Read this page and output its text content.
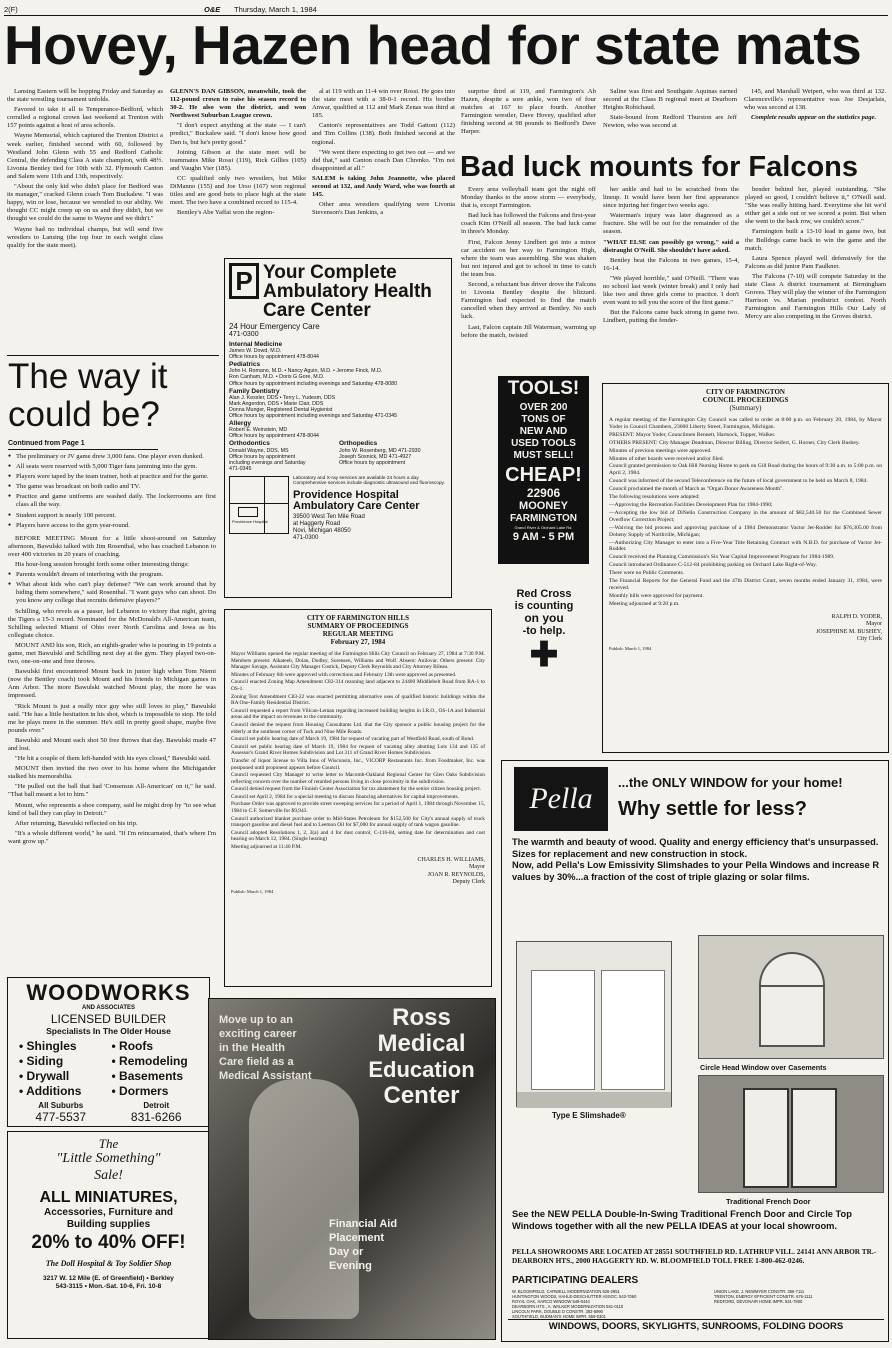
2(F)	O&E Thursday, March 1, 1984
Hovey, Hazen head for state mats

Lansing Eastern will be hopping Friday and Saturday as the state wrestling tournament unfolds.

Favored to take it all is Temperance-Bedford, which corralled a regional crown last weekend at Trenton with 157 points against a host of area schools.

Wayne Memorial, which captured the Trenton District a week earlier, finished second with 60, followed by Westland John Glenn with 55 and Redford Catholic Central, the defending Class A state champion, with 48½. Livonia Bentley tied for 10th with 32. Plymouth Canton and Salem were 11th and 13th, respectively.

"About the only kid who didn't place for Bedford was its manager," cracked Glenn coach Tom Buckalew. "I was happy, win or lose, because we wrestled to our ability. We thought CC might creep up on us and they didn't, but we thought we could do the same to Wayne and we didn't."

Wayne had no individual champs, but will send five wrestlers to Lansing (the top four in each weight class qualify for the state meet).

GLENN'S DAN GIBSON, meanwhile, took the 112-pound crown to raise his season record to 30-2. He also won the district, and won Northwest Suburban League crown.

"I don't expect anything at the state — I can't predict," Buckalew said. "I don't know how good Dan is, but he's pretty good."

Joining Gibson at the state meet will be teammates Mike Rossi (119), Rick Gillies (105) and Vaughn Vier (185).

CC qualified only two wrestlers, but Mike DiManno (155) and Joe Urso (167) won regional titles and are good bets to place high at the state meet. The two have a combined record to 115-4.

Bentley's Abe Yaffai won the region-

al at 119 with an 11-4 win over Rossi. He goes into the state meet with a 38-0-1 record. His brother Anwar, qualified at 112 and Mark Zenas was third at 185.

Canton's representatives are Todd Gattoni (112) and Tim Collins (138). Both finished second at the regional.

"We went there expecting to get two out — and we did that," said Canton coach Dan Chrenko. "I'm not disappointed at all."

SALEM is taking John Jeannotte, who placed second at 132, and Andy Ward, who was fourth at 145.

Other area wrestlers qualifying were Livonia Stevenson's Dan Jenkins, a

surprise third at 119, and Farmington's Ab Hazen, despite a sore ankle, won two of four matches at 167 to place fourth. Another Farmington wrestler, Dave Hovey, qualified after finishing second at 98 pounds to Bedford's Dave Harper.

Saline was first and Southgate Aquinas earned second at the Class B regional meet at Dearborn Heights Robichaud.

State-bound from Redford Thurston are Jeff Newton, who was second at

145, and Marshall Weipert, who was third at 132. Clarenceville's representative was Joe Desjarlais, who was second at 138.

Complete results appear on the statistics page.

Bad luck mounts for Falcons

Every area volleyball team got the night off Monday thanks to the snow storm — everybody, that is, except Farmington.

Bad luck has followed the Falcons and first-year coach Kim O'Neill all season. The bad luck came in three's Monday.

First, Falcon Jenny Lindbert got into a minor car accident on her way to Farmington High, where the team was assembling. She was shaken but not injured and got to school in time to catch the team bus.

Second, a reluctant bus driver drove the Falcons to Livonia Bentley despite the blizzard. Farmington had expected to find the match cancelled when they arrived at Bentley. No such luck.

Last, Falcon captain Jill Waterman, warming up before the match, twisted

her ankle and had to be scratched from the lineup. It would have been her first appearance since injuring her finger two weeks ago.

Waterman's injury was later diagnosed as a fracture. She will be out for the remainder of the season.

"WHAT ELSE can possibly go wrong," said a distraught O'Neill. She shouldn't have asked.

Bentley beat the Falcons in two games, 15-4, 16-14.

"We played horrible," said O'Neill. "There was no school last week (winter break) and I only had like two and three girls come to practice. I don't even want to tell you the score of the first game."

But the Falcons came back strong in game two. Lindbert, putting the fender-

bender behind her, played outstanding. "She played so good, I couldn't believe it," O'Neill said. "She was really hitting hard. Everytime she hit we'd either get a side out or we scored a point. But when she went to the back row, we couldn't score."

Farmington built a 13-10 lead in game two, but the Bulldogs came back to win the game and the match.

Laura Spence played well defensively for the Falcons as did junior Pam Faulkner.

The Falcons (7-10) will compete Saturday in the state Class A district tournament at Birmingham Groves. They will play the winner of the Farmington Harrison vs. Marian predistrict contest. North Farmington and Farmington Hills Our Lady of Mercy are also competing in the Groves district.

The way it could be?
Continued from Page 1

● The preliminary or JV game drew 3,000 fans. One player even dunked.

● All seats were reserved with 5,000 Tiger fans jamming into the gym.

● Players were taped by the team trainer, both at practice and for the game.

● The game was broadcast on both radio and TV.

● Practice and game uniforms are washed daily. The lockerrooms are first class all the way.

● Student support is nearly 100 percent.

● Players have access to the gym year-round.

BEFORE MEETING Mount for a little shoot-around on Saturday afternoon, Bawulski talked with Jim Rosenthal, who has coached Lebanon to over 400 victories in 20 years of coaching.

His hour-long session brought forth some other interesting things:

● Parents wouldn't dream of interfering with the program.

● What about kids who can't play defense? "We can work around that by hiding them somewhere," said Rosenthal. "I want guys who can shoot. Do you know any college that recruits defensive players?"

Schilling, who revels as a passer, led Lebanon to victory that night, giving the Tigers a 15-3 record. Nominated for the McDonald's All-American team, Schilling selected Miami of Ohio over North Carolina and Iowa as his collegiate choice.

MOUNT AND his son, Rich, an eighth-grader who is pouring in 19 points a game, met Bawulski and Schilling next day at the gym. They played two-on-two, one-on-one and free throws.

Bawulski first encountered Mount back in junior high when Tom Niemi (now the Bentley coach) took Mount and his friends to Michigan games in Ann Arbor. The more Bawulski watched Mount play, the more he was impressed.

"Rick Mount is just a really nice guy who still loves to play," Bawulski said. "He has a little hesitation in his shot, which is impossible to stop. He told me he plays more in the summer. He's still in pretty good shape, maybe five pounds over."

Bawulski and Mount each shot 50 free throws that day. Bawulski made 47 and lost.

"He hit a couple of them left-handed with his eyes closed," Bawulski said.

MOUNT then invited the two over to his home where the Michigander stalked his memorabilia.

"He pulled out the ball that had 'Consensus All-American' on it," he said. "That ball meant a lot to him."

Mount, who represents a shoe company, said he might drop by "to see what kind of ball they can play in Detroit."

After returning, Bawulski reflected on his trip.

"It's a whole different world," he said. "If I'm reincarnated, that's where I'm want grow up."

P Your Complete Ambulatory Health Care Center
24 Hour Emergency Care
471-0300
Internal Medicine
James W. Dowd, M.D.
Office hours by appointment 478-8044
Pediatrics
John H. Romano, M.D. • Nancy Aguin, M.D. • Jerome Finck, M.D.
Ron Canham, M.D. • Doris G Gore, M.D.
Office hours by appointment including evenings and Saturday 478-8080
Family Dentistry
Alan J. Kessler, DDS • Terry L. Yudesm, DDS
Mark Angerdon, DDS • Marie Clair, DDS
Donna Munger, Registered Dental Hygienist
Office hours by appointment including evenings and Saturday 471-0345
Allergy
Robert E. Weinstein, MD
Office hours by appointment 478-8044
Orthodontics
Donald Wayne, DDS, MS
Office hours by appointment
including evenings and Saturday
471-0345
Orthopedics
John W. Rosenberg, MD 471-2930
Joseph Sosnick, MD 471-4927
Office hours by appointment
Providence Hospital
Laboratory and X-ray services are available 24 hours a day. Comprehensive services include diagnostic ultrasound and fluoroscopy.
Providence Hospital Ambulatory Care Center
39500 West Ten Mile Road
at Haggerty Road
Novi, Michigan 48050
471-0300
TOOLS!
OVER 200
TONS OF
NEW AND
USED TOOLS
MUST SELL!
CHEAP!
22906
MOONEY
FARMINGTON
Grand River & Orchard Lake Rd.
9 AM - 5 PM
Red Cross
is counting
on you
-to help.
✚
CITY OF FARMINGTON
COUNCIL PROCEEDINGS
(Summary)

A regular meeting of the Farmington City Council was called to order at 8:00 p.m. on February 20, 1984, by Mayor Yoder in Council Chambers, 23600 Liberty Street, Farmington, Michigan.

PRESENT: Mayor Yoder, Councilmen Bennett, Hartsock, Tupper, Walker.

OTHERS PRESENT: City Manager Deadman, Director Billing, Director Seifert, G. Horner, City Clerk Busbey.

Minutes of previous meetings were approved.

Minutes of other boards were received and/or filed.

Council granted permission to Oak Hill Nursing Home to park on Gill Road during the hours of 9:30 a.m. to 5:00 p.m. on April 2, 1984.

Council was informed of the second Teleconference on the future of local government to be held on March 8, 1984.

Council proclaimed the month of March as "Organ Donor Awareness Month".

The following resolutions were adopted:

—Approving the Recreation Facilities Development Plan for 1984-1990;

—Accepting the low bid of DiNello Construction Company in the amount of $82,540.50 for the Combined Sewer Overflow Correction Project;

—Waiving the bid process and approving purchase of a 1984 Demonstrator Vactor Jet-Rodder for $76,305.00 from Doheny Supply of Northville, Michigan;

—Authorizing City Manager to enter into a Five-Year Title Retaining Contract with N.B.D. for purchase of Vactor Jet-Rodder.

Council received the Planning Commission's Six Year Capital Improvement Program for 1984-1989.

Council introduced Ordinance C-512-84 prohibiting parking on Orchard Lake Right-of-Way.

There were no Public Comments.

The Financial Reports for the General Fund and the 47th District Court, seven months ended January 31, 1984, were received.

Monthly bills were approved for payment.

Meeting adjourned at 9:20 p.m.

RALPH D. YODER,
Mayor
JOSEPHINE M. BUSHEY,
City Clerk
Publish: March 1, 1984
CITY OF FARMINGTON HILLS
SUMMARY OF PROCEEDINGS
REGULAR MEETING
February 27, 1984

Mayor Williams opened the regular meeting of the Farmington Hills City Council on February 27, 1984 at 7:30 P.M. Members present: Alkateeb, Dolan, Dodley, Sorensen, Williams and Wolf. Absent: Anilovar. Others present: City Manager Savage, Assistant City Manager Costick, Deputy Clerk Reynolds and City Attorney Bileau.

Minutes of February 6th were approved with corrections and February 13th were approved as presented.

Council enacted Zoning Map Amendment C82-314 rezoning land adjacent to 24400 Middlebelt Road from RA-1 to OS-1.

Zoning Text Amendment C83-22 was enacted permitting alternative uses of qualified historic buildings within the RA One-Family Residential District.

Council requested a report from Vilican-Leman regarding increased building heights in I.R.O., OS-1A and Industrial areas and the impact on revenues to the community.

Council denied the request from Housing Consultants Ltd. that the City sponsor a public housing project for the elderly at the southeast corner of Tuck and Nine Mile Roads.

Council set public hearing date of March 19, 1984 for request of vacating part of Westfield Road, south of Bond.

Council set public hearing date of March 19, 1984 for request of vacating alley abutting Lots 134 and 135 of Assessor's Grand River Homes Subdivision and Lot 311 of Grand River Homes Subdivision.

Transfer of liquor license to Villa Inns of Wisconsin, Inc., VICORP Restaurants Inc. from Foodmaker, Inc. was postponed until proponent appears before Council.

Council requested City Manager to write letter to Macomb-Oakland Regional Center for Glen Oaks Subdivision reflecting concern over the number of retarded persons living in close proximity in the subdivision.

Council denied request from the Finnish Center Association for tax abatement for the senior citizen housing project.

Council set April 2, 1984 for a special meeting to discuss financing alternatives for capital improvements.

Purchase Order was approved to provide street sweeping services for a period of April 1, 1984 through November 15, 1984 to C.F. Somerville for $9,943.

Council authorized blanket purchase order to Mid-States Petroleum for $152,500 for City's annual supply of truck transport gasoline and diesel fuel and to Leemon Oil for $7,000 for annual supply of tank wagon gasoline.

Council adopted Resolutions 1, 2, 3(a) and 4 for dust control, C-116-84, setting date for determination and cost hearing on March 12, 1984. (Single hearing)

Meeting adjourned at 11:40 P.M.

CHARLES H. WILLIAMS,
Mayor
JOAN R. REYNOLDS,
Deputy Clerk
Publish: March 1, 1984
WOODWORKS
AND ASSOCIATES
LICENSED BUILDER
Specialists In The Older House
• Shingles	• Roofs
• Siding	• Remodeling
• Drywall	• Basements
• Additions	• Dormers
All Suburbs
477-5537
Detroit
831-6266
The
"Little Something"
Sale!
ALL MINIATURES,
Accessories, Furniture and
Building supplies
20% to 40% OFF!
The Doll Hospital & Toy Soldier Shop
3217 W. 12 Mile (E. of Greenfield) • Berkley
543-3115 • Mon.-Sat. 10-6, Fri. 10-8
Ross
Medical
Education
Center
Move up to an
exciting career
in the Health
Care field as a
Medical Assistant
Financial Aid
Placement
Day or Evening
Pella ...the ONLY WINDOW for your home!
Why settle for less?
The warmth and beauty of wood. Quality and energy efficiency that's unsurpassed. Sizes for replacement and new construction in stock.
Now, add Pella's Low Emissivity Slimshades to your Pella Windows and increase R values by 30%...a fraction of the cost of triple glazing or solar films.
Type E Slimshade®
Circle Head Window over Casements
Traditional French Door
See the NEW PELLA Double-In-Swing Traditional French Door and Circle Top Windows together with all the new PELLA IDEAS at your local showroom.
PELLA SHOWROOMS ARE LOCATED AT 28551 SOUTHFIELD RD. LATHRUP VILL. 24141 ANN ARBOR TR.-DEARBORN HTS., 2000 HAGGERTY RD. W. BLOOMFIELD TOLL FREE 1-800-462-0246.
PARTICIPATING DEALERS
W. BLOOMFIELD, CARWELL MODERNIZATION 626-2951
HUNTINGTON WOODS, HAHLE-DESCHUTTER ASSOC. 543-7060
ROYAL OAK, HARCO WINDOW 549-0444
DEARBORN HTS., A. WALKER MODERNIZATION 561-0110
LINCOLN PARK, DOUBLE D CONSTR. 383-5990
SOUTHFIELD, BUDMAN'S HOME IMPR. 559-0301
UNION LAKE, J. NEWMYER CONSTR. 356-7111
TRENTON, ENERGY EFFICIENT CONSTR. 676-1111
REDFORD, DEVONAIR HOME IMPR. 531-7800
WINDOWS, DOORS, SKYLIGHTS, SUNROOMS, FOLDING DOORS
